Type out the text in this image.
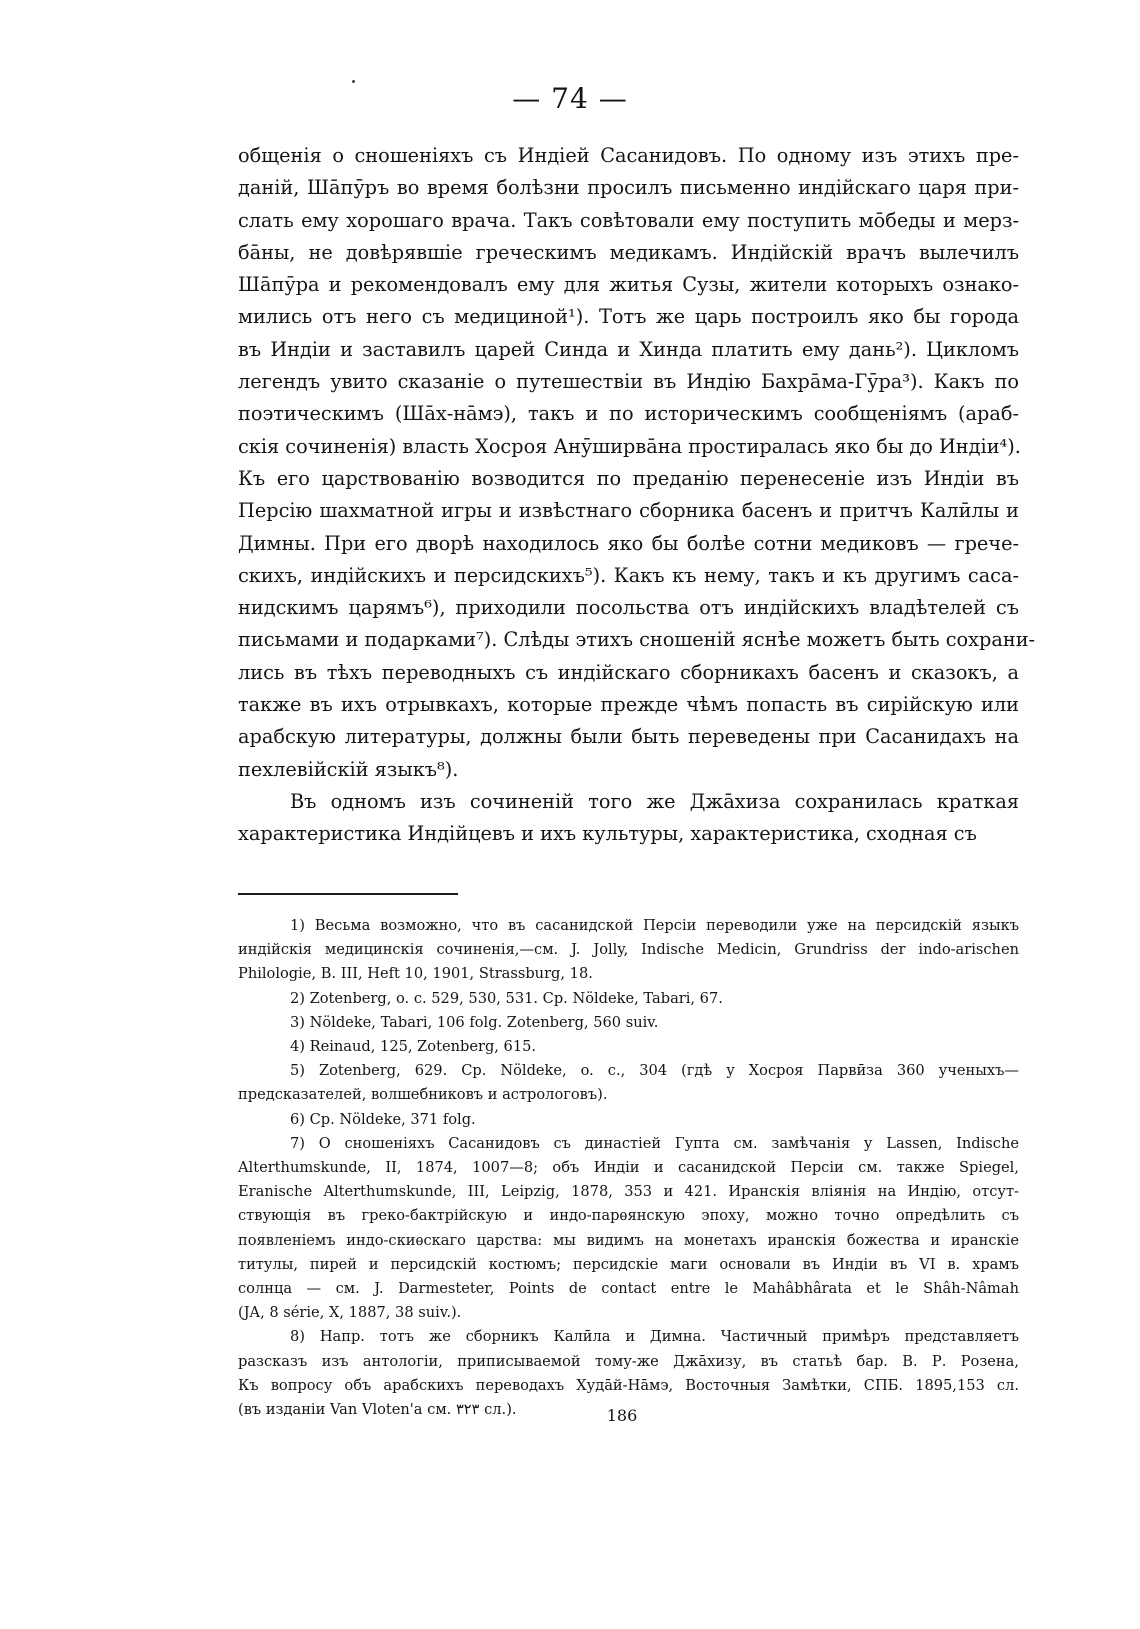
— 74 —
общенія о сношеніяхъ съ Индіей Сасанидовъ. По одному изъ этихъ пре-
даній, Шāпӯръ во время болѣзни просилъ письменно индійскаго царя при-
слать ему хорошаго врача. Такъ совѣтовали ему поступить мōбеды и мерз-
бāны, не довѣрявшіе греческимъ медикамъ. Индійскій врачъ вылечилъ
Шāпӯра и рекомендовалъ ему для житья Сузы, жители которыхъ ознако-
мились отъ него съ медициной¹). Тотъ же царь построилъ яко бы города
въ Индіи и заставилъ царей Синда и Хинда платить ему дань²). Цикломъ
легендъ увито сказаніе о путешествіи въ Индію Бахрāма-Гӯра³). Какъ по
поэтическимъ (Шāх-нāмэ), такъ и по историческимъ сообщеніямъ (араб-
скія сочиненія) власть Хосроя Анӯширвāна простиралась яко бы до Индіи⁴).
Къ его царствованію возводится по преданію перенесеніе изъ Индіи въ
Персію шахматной игры и извѣстнаго сборника басенъ и притчъ Калӣлы и
Димны. При его дворѣ находилось яко бы болѣе сотни медиковъ — грече-
скихъ, индійскихъ и персидскихъ⁵). Какъ къ нему, такъ и къ другимъ саса-
нидскимъ царямъ⁶), приходили посольства отъ индійскихъ владѣтелей съ
письмами и подарками⁷). Слѣды этихъ сношеній яснѣе можетъ быть сохрани-
лись въ тѣхъ переводныхъ съ индійскаго сборникахъ басенъ и сказокъ, а
также въ ихъ отрывкахъ, которые прежде чѣмъ попасть въ сирійскую или
арабскую литературы, должны были быть переведены при Сасанидахъ на
пехлевійскій языкъ⁸).
Въ одномъ изъ сочиненій того же Джāхиза сохранилась краткая
характеристика Индійцевъ и ихъ культуры, характеристика, сходная съ
1) Весьма возможно, что въ сасанидской Персіи переводили уже на персидскій языкъ
индійскія медицинскія сочиненія,—см. J. Jolly, Indische Medicin, Grundriss der indo-arischen
Philologie, B. III, Heft 10, 1901, Strassburg, 18.
2) Zotenberg, o. c. 529, 530, 531. Cp. Nöldeke, Tabari, 67.
3) Nöldeke, Tabari, 106 folg. Zotenberg, 560 suiv.
4) Reinaud, 125, Zotenberg, 615.
5) Zotenberg, 629. Cp. Nöldeke, o. c., 304 (гдѣ у Хосроя Парвӣза 360 ученыхъ—
предсказателей, волшебниковъ и астрологовъ).
6) Cp. Nöldeke, 371 folg.
7) О сношеніяхъ Сасанидовъ съ династіей Гупта см. замѣчанія у Lassen, Indische
Alterthumskunde, II, 1874, 1007—8; объ Индіи и сасанидской Персіи см. также Spiegel,
Eranische Alterthumskunde, III, Leipzig, 1878, 353 и 421. Иранскія вліянія на Индію, отсут-
ствующія въ греко-бактрійскую и индо-парѳянскую эпоху, можно точно опредѣлить съ
появленіемъ индо-скиѳскаго царства: мы видимъ на монетахъ иранскія божества и иранскіе
титулы, пирей и персидскій костюмъ; персидскіе маги основали въ Индіи въ VI в. храмъ
солнца — см. J. Darmesteter, Points de contact entre le Mahâbhârata et le Shâh-Nâmah
(JA, 8 série, X, 1887, 38 suiv.).
8) Напр. тотъ же сборникъ Калӣла и Димна. Частичный примѣръ представляетъ
разсказъ изъ антологіи, приписываемой тому-же Джāхизу, въ статьѣ бар. В. Р. Розена,
Къ вопросу объ арабскихъ переводахъ Худāй-Нāмэ, Восточныя Замѣтки, СПБ. 1895,153 сл.
(въ изданіи Van Vloten'а см. ٣٢٣ сл.).	186
